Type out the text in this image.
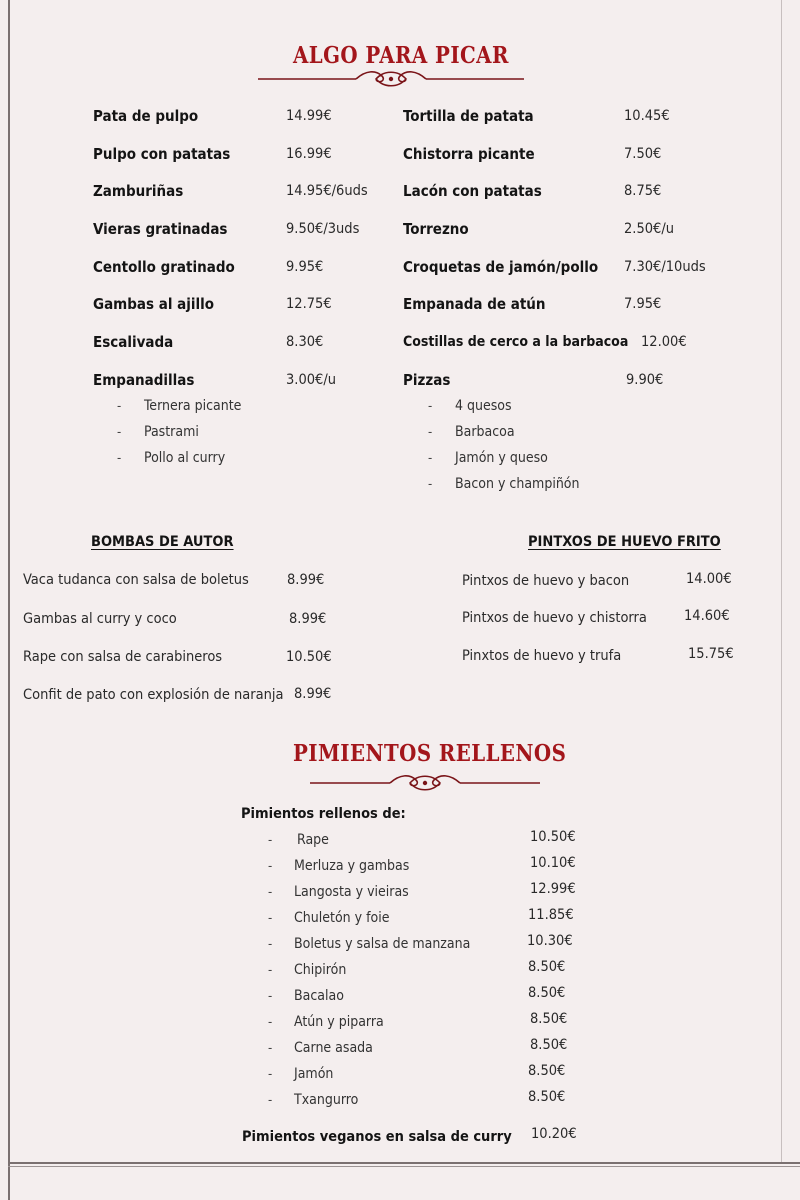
ALGO PARA PICAR
Pata de pulpo	14.99€
Pulpo con patatas	16.99€
Zamburiñas	14.95€/6uds
Vieras gratinadas	9.50€/3uds
Centollo gratinado	9.95€
Gambas al ajillo	12.75€
Escalivada	8.30€
Empanadillas	3.00€/u
- Ternera picante
- Pastrami
- Pollo al curry
Tortilla de patata	10.45€
Chistorra picante	7.50€
Lacón con patatas	8.75€
Torrezno	2.50€/u
Croquetas de jamón/pollo 7.30€/10uds
Empanada de atún	7.95€
Costillas de cerco a la barbacoa 12.00€
Pizzas	9.90€
- 4 quesos
- Barbacoa
- Jamón y queso
- Bacon y champiñón
BOMBAS DE AUTOR
Vaca tudanca con salsa de boletus	8.99€
Gambas al curry y coco	8.99€
Rape con salsa de carabineros	10.50€
Confit de pato con explosión de naranja 8.99€
PINTXOS DE HUEVO FRITO
Pintxos de huevo y bacon	14.00€
Pintxos de huevo y chistorra	14.60€
Pinxtos de huevo y trufa	15.75€
PIMIENTOS RELLENOS
Pimientos rellenos de:
- Rape	10.50€
- Merluza y gambas	10.10€
- Langosta y vieiras	12.99€
- Chuletón y foie	11.85€
- Boletus y salsa de manzana	10.30€
- Chipirón	8.50€
- Bacalao	8.50€
- Atún y piparra	8.50€
- Carne asada	8.50€
- Jamón	8.50€
- Txangurro	8.50€
Pimientos veganos en salsa de curry 10.20€
